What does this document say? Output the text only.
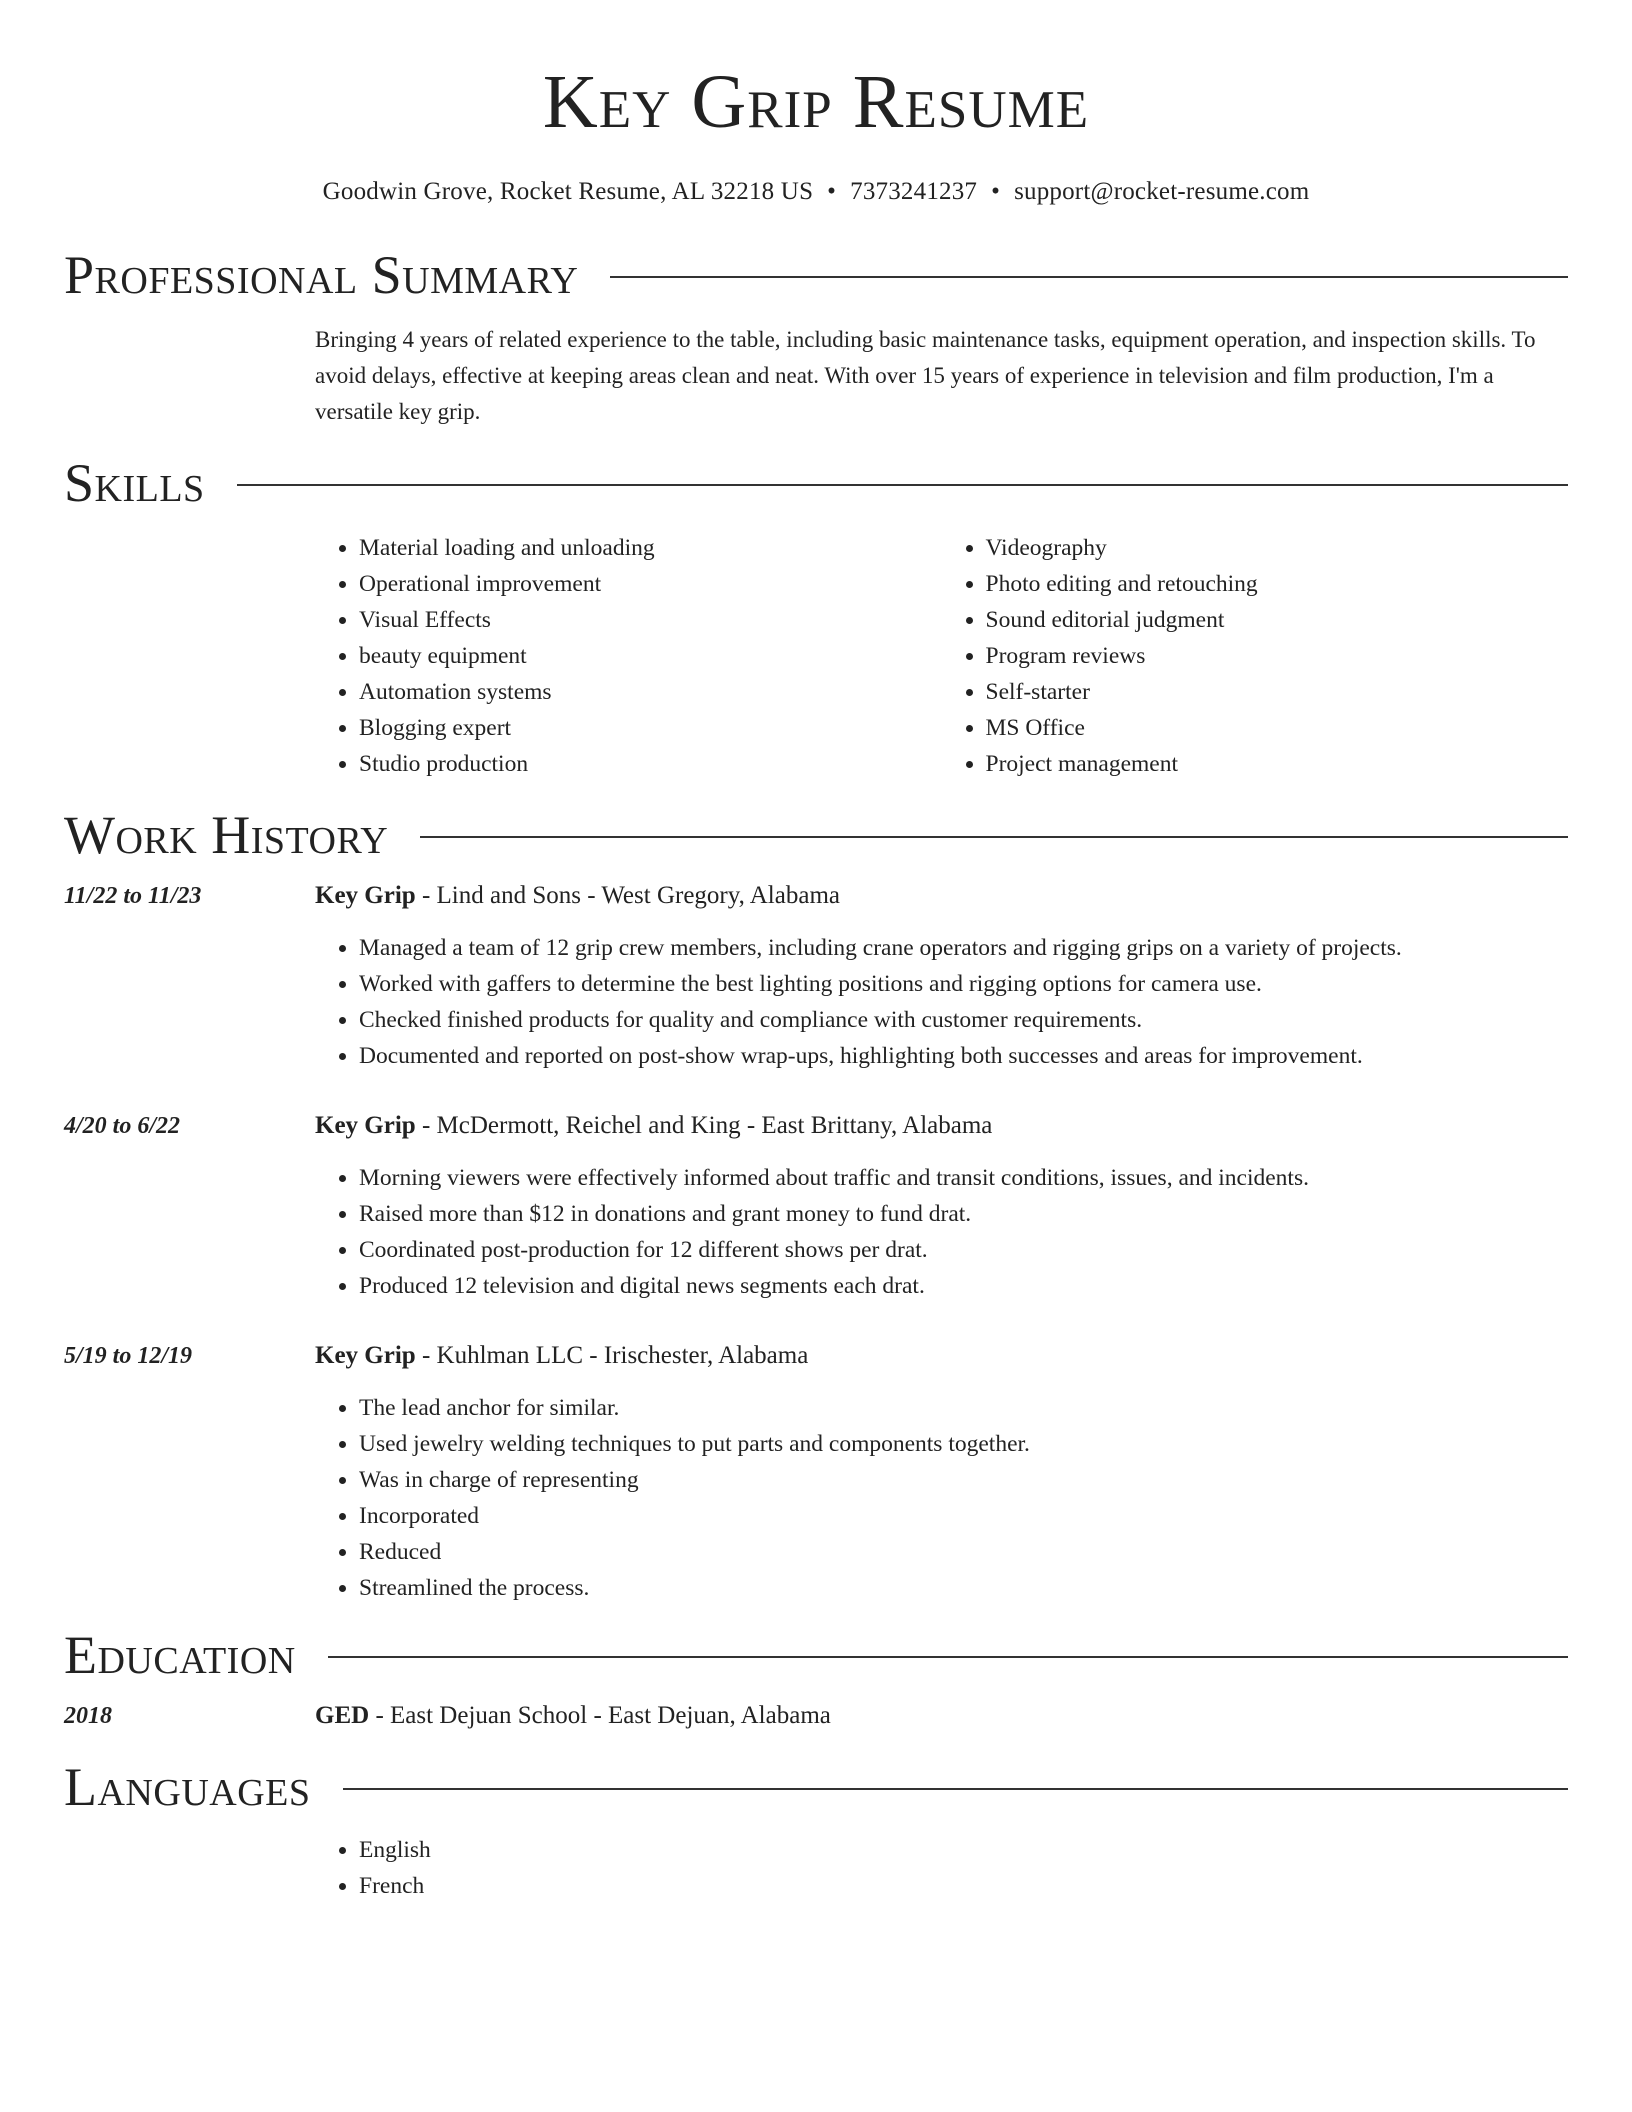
Key Grip Resume
Goodwin Grove, Rocket Resume, AL 32218 US • 7373241237 • support@rocket-resume.com
Professional Summary

Bringing 4 years of related experience to the table, including basic maintenance tasks, equipment operation, and inspection skills. To avoid delays, effective at keeping areas clean and neat. With over 15 years of experience in television and film production, I'm a versatile key grip.

Skills
• Material loading and unloading
• Operational improvement
• Visual Effects
• beauty equipment
• Automation systems
• Blogging expert
• Studio production
• Videography
• Photo editing and retouching
• Sound editorial judgment
• Program reviews
• Self-starter
• MS Office
• Project management
Work History
11/22 to 11/23	Key Grip - Lind and Sons - West Gregory, Alabama
• Managed a team of 12 grip crew members, including crane operators and rigging grips on a variety of projects.
• Worked with gaffers to determine the best lighting positions and rigging options for camera use.
• Checked finished products for quality and compliance with customer requirements.
• Documented and reported on post-show wrap-ups, highlighting both successes and areas for improvement.
4/20 to 6/22	Key Grip - McDermott, Reichel and King - East Brittany, Alabama
• Morning viewers were effectively informed about traffic and transit conditions, issues, and incidents.
• Raised more than $12 in donations and grant money to fund drat.
• Coordinated post-production for 12 different shows per drat.
• Produced 12 television and digital news segments each drat.
5/19 to 12/19	Key Grip - Kuhlman LLC - Irischester, Alabama
• The lead anchor for similar.
• Used jewelry welding techniques to put parts and components together.
• Was in charge of representing
• Incorporated
• Reduced
• Streamlined the process.
Education
2018	GED - East Dejuan School - East Dejuan, Alabama
Languages
• English
• French
